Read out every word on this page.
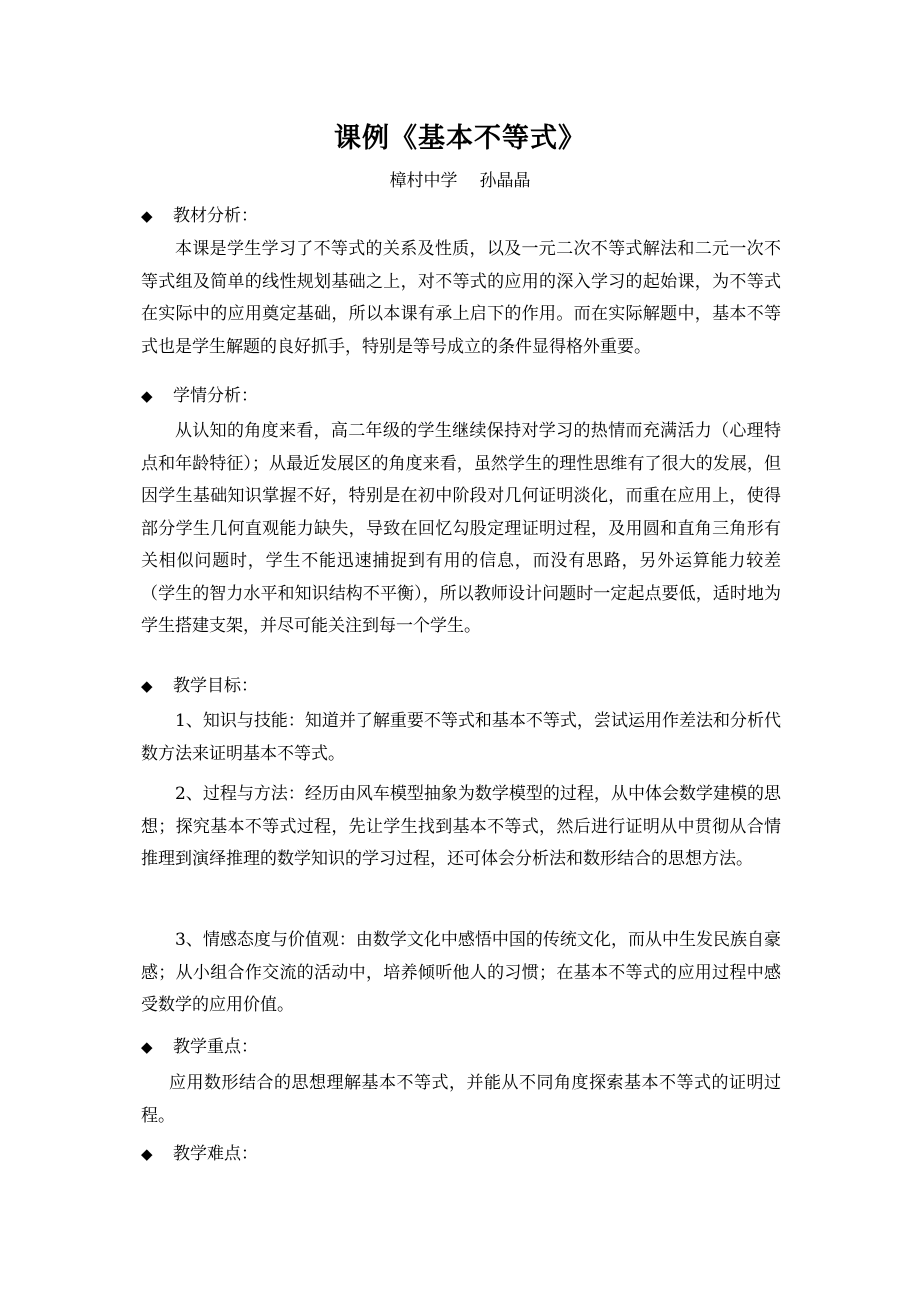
课例《基本不等式》
樟村中学 孙晶晶
◆ 教材分析：
本课是学生学习了不等式的关系及性质，以及一元二次不等式解法和二元一次不等式组及简单的线性规划基础之上，对不等式的应用的深入学习的起始课，为不等式在实际中的应用奠定基础，所以本课有承上启下的作用。而在实际解题中，基本不等式也是学生解题的良好抓手，特别是等号成立的条件显得格外重要。
◆ 学情分析：
从认知的角度来看，高二年级的学生继续保持对学习的热情而充满活力（心理特点和年龄特征）；从最近发展区的角度来看，虽然学生的理性思维有了很大的发展，但因学生基础知识掌握不好，特别是在初中阶段对几何证明淡化，而重在应用上，使得部分学生几何直观能力缺失，导致在回忆勾股定理证明过程，及用圆和直角三角形有关相似问题时，学生不能迅速捕捉到有用的信息，而没有思路，另外运算能力较差（学生的智力水平和知识结构不平衡），所以教师设计问题时一定起点要低，适时地为学生搭建支架，并尽可能关注到每一个学生。
◆ 教学目标：
1、知识与技能：知道并了解重要不等式和基本不等式，尝试运用作差法和分析代数方法来证明基本不等式。
2、过程与方法：经历由风车模型抽象为数学模型的过程，从中体会数学建模的思想；探究基本不等式过程，先让学生找到基本不等式，然后进行证明从中贯彻从合情推理到演绎推理的数学知识的学习过程，还可体会分析法和数形结合的思想方法。
3、情感态度与价值观：由数学文化中感悟中国的传统文化，而从中生发民族自豪感；从小组合作交流的活动中，培养倾听他人的习惯；在基本不等式的应用过程中感受数学的应用价值。
◆ 教学重点：
应用数形结合的思想理解基本不等式，并能从不同角度探索基本不等式的证明过程。
◆ 教学难点：
